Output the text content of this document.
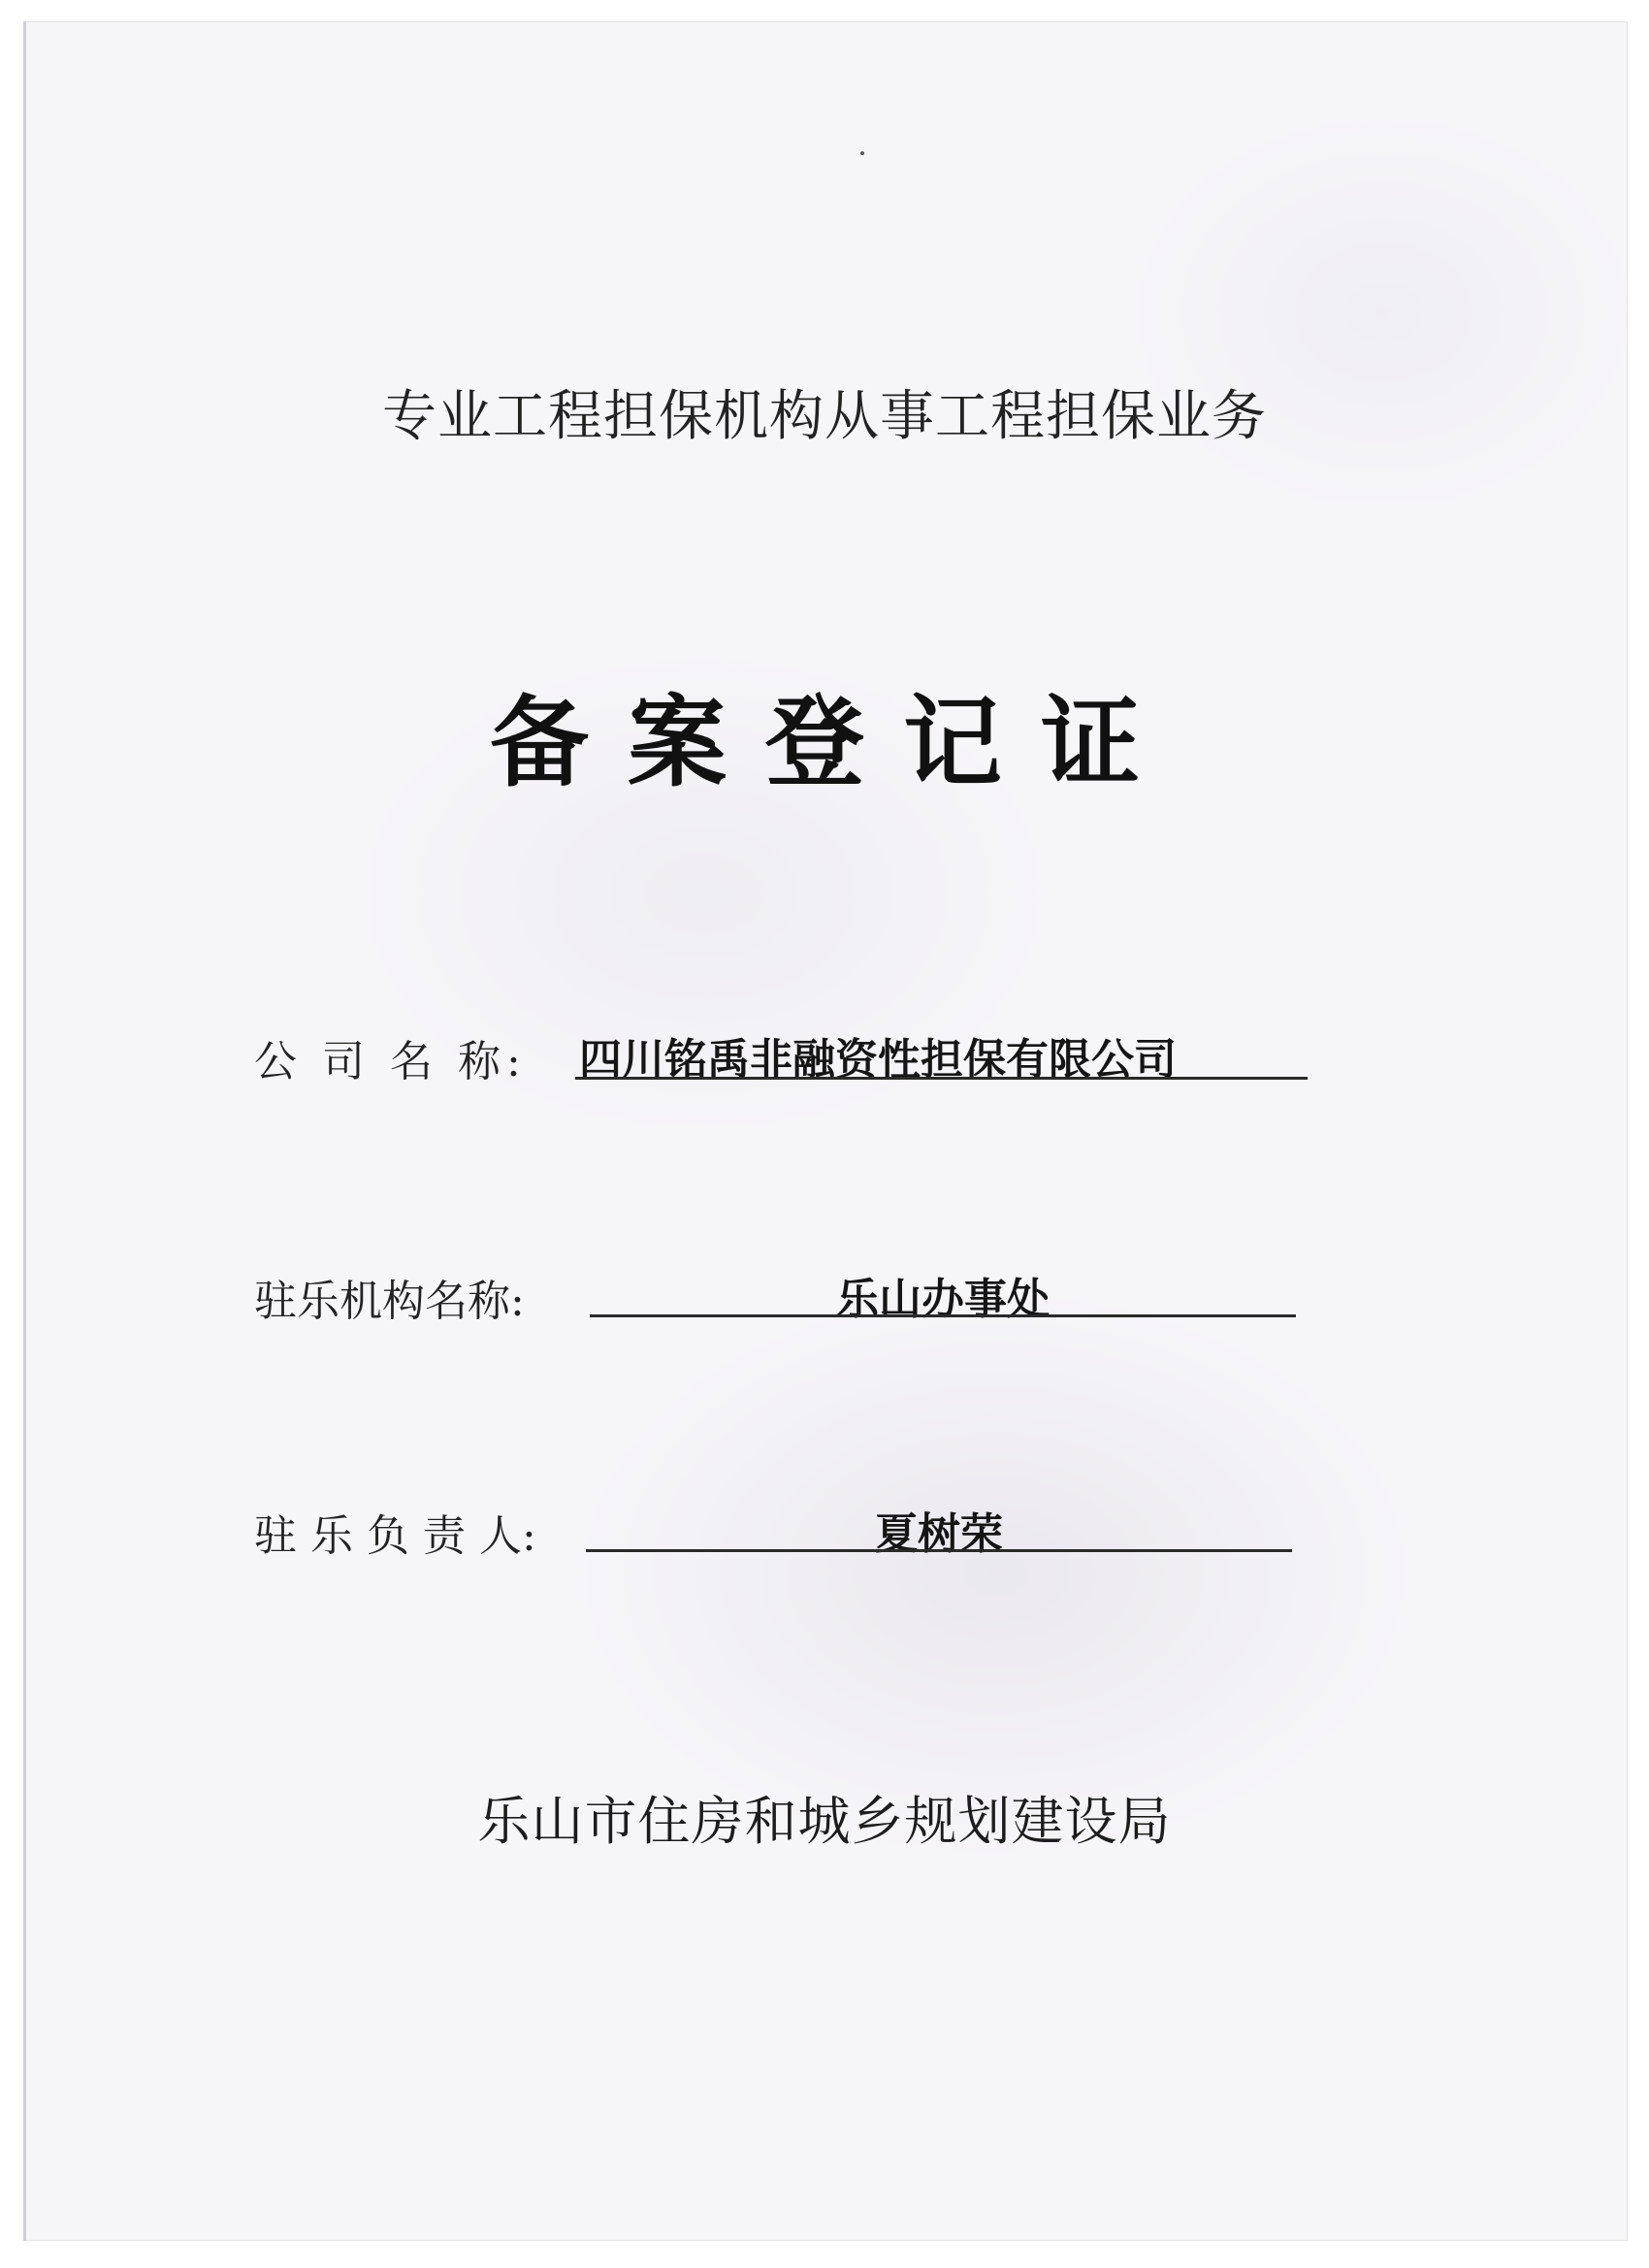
专业工程担保机构从事工程担保业务
备案登记证
公 司 名 称: 四川铭禹非融资性担保有限公司
驻乐机构名称:	乐山办事处
驻 乐 负 责 人:	夏树荣
乐山市住房和城乡规划建设局
